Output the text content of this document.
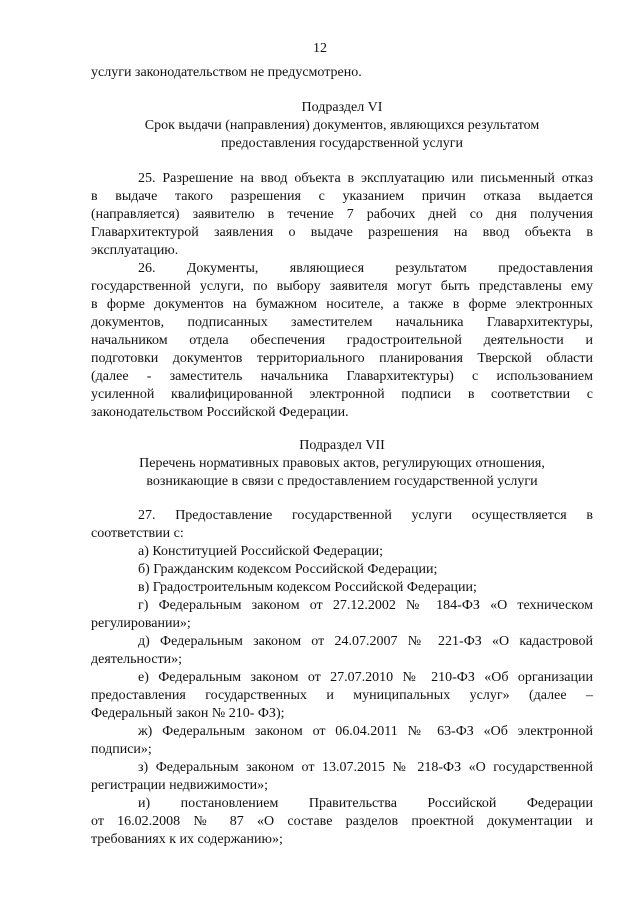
12
услуги законодательством не предусмотрено.
Подраздел VI
Срок выдачи (направления) документов, являющихся результатом
предоставления государственной услуги
25. Разрешение на ввод объекта в эксплуатацию или письменный отказ
в выдаче такого разрешения с указанием причин отказа выдается
(направляется) заявителю в течение 7 рабочих дней со дня получения
Главархитектурой заявления о выдаче разрешения на ввод объекта в
эксплуатацию.
26. Документы, являющиеся результатом предоставления
государственной услуги, по выбору заявителя могут быть представлены ему
в форме документов на бумажном носителе, а также в форме электронных
документов, подписанных заместителем начальника Главархитектуры,
начальником отдела обеспечения градостроительной деятельности и
подготовки документов территориального планирования Тверской области
(далее - заместитель начальника Главархитектуры) с использованием
усиленной квалифицированной электронной подписи в соответствии с
законодательством Российской Федерации.
Подраздел VII
Перечень нормативных правовых актов, регулирующих отношения,
возникающие в связи с предоставлением государственной услуги
27. Предоставление государственной услуги осуществляется в
соответствии с:
а) Конституцией Российской Федерации;
б) Гражданским кодексом Российской Федерации;
в) Градостроительным кодексом Российской Федерации;
г) Федеральным законом от 27.12.2002 № 184-ФЗ «О техническом
регулировании»;
д) Федеральным законом от 24.07.2007 № 221-ФЗ «О кадастровой
деятельности»;
е) Федеральным законом от 27.07.2010 № 210-ФЗ «Об организации
предоставления государственных и муниципальных услуг» (далее –
Федеральный закон № 210- ФЗ);
ж) Федеральным законом от 06.04.2011 № 63-ФЗ «Об электронной
подписи»;
з) Федеральным законом от 13.07.2015 № 218-ФЗ «О государственной
регистрации недвижимости»;
и) постановлением Правительства Российской Федерации
от 16.02.2008 № 87 «О составе разделов проектной документации и
требованиях к их содержанию»;
